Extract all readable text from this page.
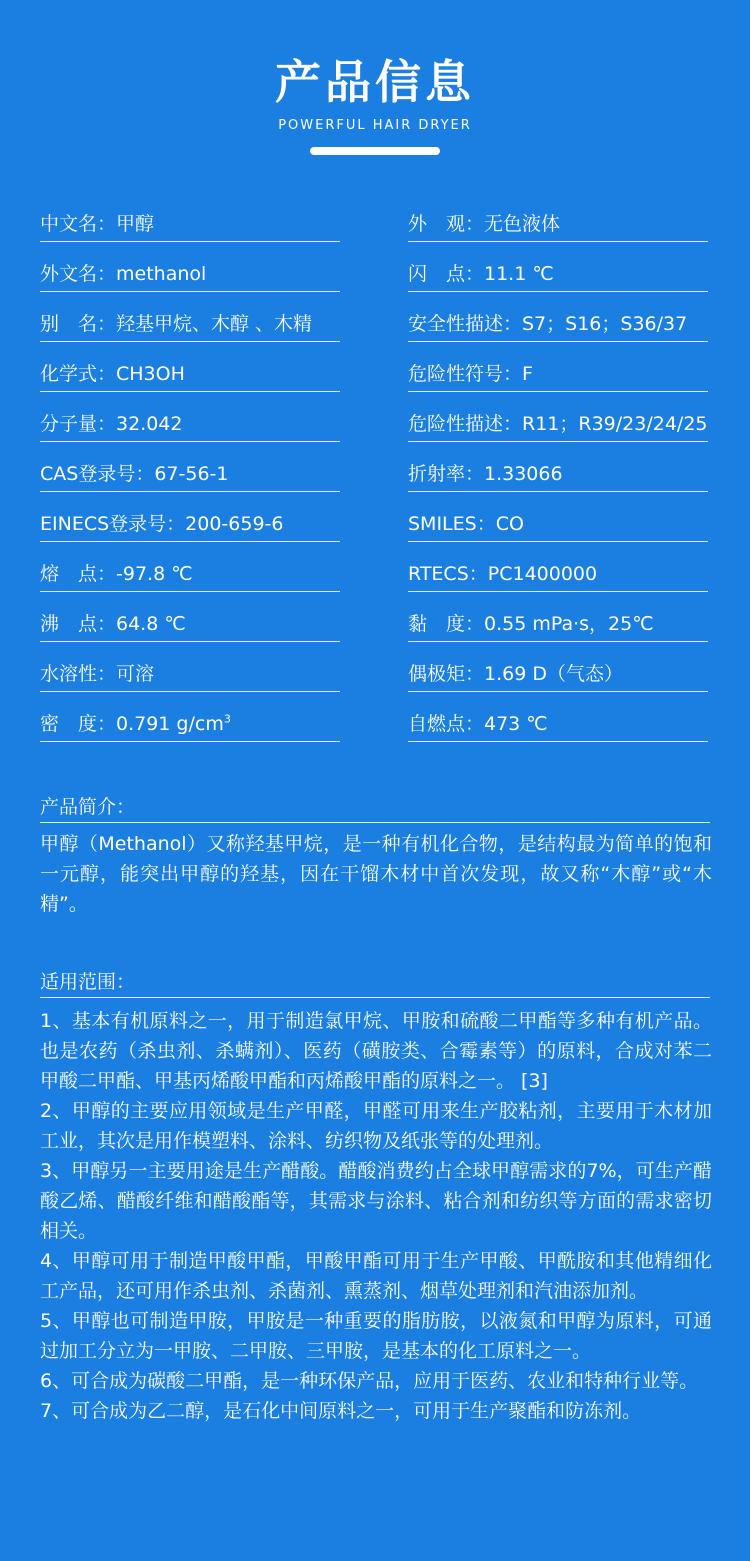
产品信息
POWERFUL HAIR DRYER
中文名：甲醇
外文名：methanol
别　名：羟基甲烷、木醇 、木精
化学式：CH3OH
分子量：32.042
CAS登录号：67-56-1
EINECS登录号：200-659-6
熔　点：-97.8 ℃
沸　点：64.8 ℃
水溶性：可溶
密　度：0.791 $g/cm^3$
外　观：无色液体
闪　点：11.1 ℃
安全性描述：S7；S16；S36/37
危险性符号：F
危险性描述：R11；R39/23/24/25
折射率：1.33066
SMILES：CO
RTECS：PC1400000
黏　度：0.55 mPa·s，25℃
偶极矩：1.69 D（气态）
自燃点：473 ℃
产品简介：

甲醇（Methanol）又称羟基甲烷，是一种有机化合物，是结构最为简单的饱和一元醇，能突出甲醇的羟基，因在干馏木材中首次发现，故又称“木醇”或“木精”。

适用范围：

1、基本有机原料之一，用于制造氯甲烷、甲胺和硫酸二甲酯等多种有机产品。也是农药（杀虫剂、杀螨剂）、医药（磺胺类、合霉素等）的原料，合成对苯二甲酸二甲酯、甲基丙烯酸甲酯和丙烯酸甲酯的原料之一。 [3]

2、甲醇的主要应用领域是生产甲醛，甲醛可用来生产胶粘剂，主要用于木材加工业，其次是用作模塑料、涂料、纺织物及纸张等的处理剂。

3、甲醇另一主要用途是生产醋酸。醋酸消费约占全球甲醇需求的7%，可生产醋酸乙烯、醋酸纤维和醋酸酯等，其需求与涂料、粘合剂和纺织等方面的需求密切相关。

4、甲醇可用于制造甲酸甲酯，甲酸甲酯可用于生产甲酸、甲酰胺和其他精细化工产品，还可用作杀虫剂、杀菌剂、熏蒸剂、烟草处理剂和汽油添加剂。

5、甲醇也可制造甲胺，甲胺是一种重要的脂肪胺，以液氮和甲醇为原料，可通过加工分立为一甲胺、二甲胺、三甲胺，是基本的化工原料之一。

6、可合成为碳酸二甲酯，是一种环保产品，应用于医药、农业和特种行业等。

7、可合成为乙二醇，是石化中间原料之一，可用于生产聚酯和防冻剂。
